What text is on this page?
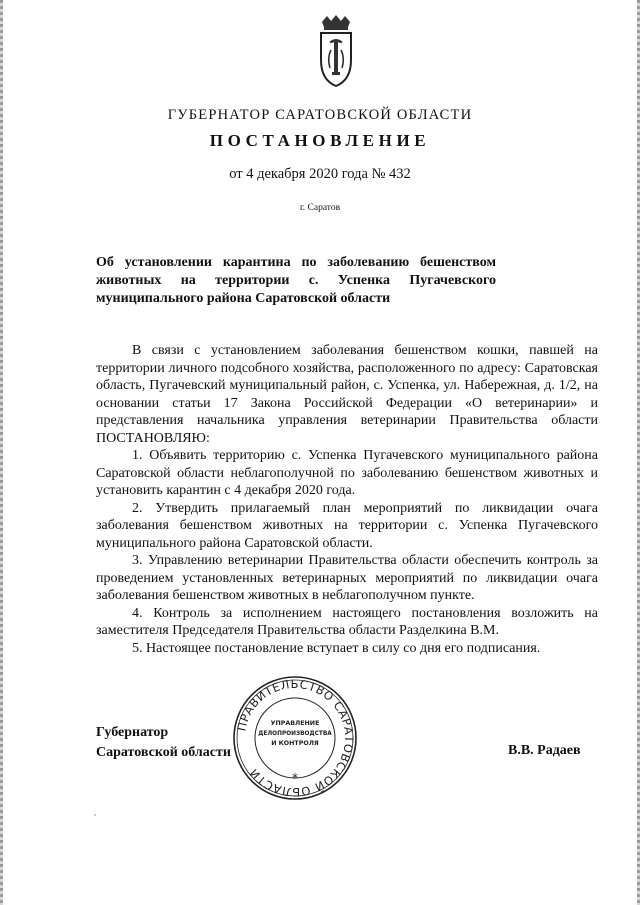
ГУБЕРНАТОР САРАТОВСКОЙ ОБЛАСТИ
ПОСТАНОВЛЕНИЕ
от 4 декабря 2020 года № 432
г. Саратов
Об установлении карантина по заболеванию бешенством
животных на территории с. Успенка Пугачевского
муниципального района Саратовской области

В связи с установлением заболевания бешенством кошки, павшей на территории личного подсобного хозяйства, расположенного по адресу: Саратовская область, Пугачевский муниципальный район, с. Успенка, ул. Набережная, д. 1/2, на основании статьи 17 Закона Российской Федерации «О ветеринарии» и представления начальника управления ветеринарии Правительства области ПОСТАНОВЛЯЮ:

1. Объявить территорию с. Успенка Пугачевского муниципального района Саратовской области неблагополучной по заболеванию бешенством животных и установить карантин с 4 декабря 2020 года.

2. Утвердить прилагаемый план мероприятий по ликвидации очага заболевания бешенством животных на территории с. Успенка Пугачевского муниципального района Саратовской области.

3. Управлению ветеринарии Правительства области обеспечить контроль за проведением установленных ветеринарных мероприятий по ликвидации очага заболевания бешенством животных в неблагополучном пункте.

4. Контроль за исполнением настоящего постановления возложить на заместителя Председателя Правительства области Разделкина В.М.

5. Настоящее постановление вступает в силу со дня его подписания.

Губернатор
Саратовской области
ПРАВИТЕЛЬСТВО САРАТОВСКОЙ ОБЛАСТИ
УПРАВЛЕНИЕ
ДЕЛОПРОИЗВОДСТВА
И КОНТРОЛЯ
*
В.В. Радаев
,
